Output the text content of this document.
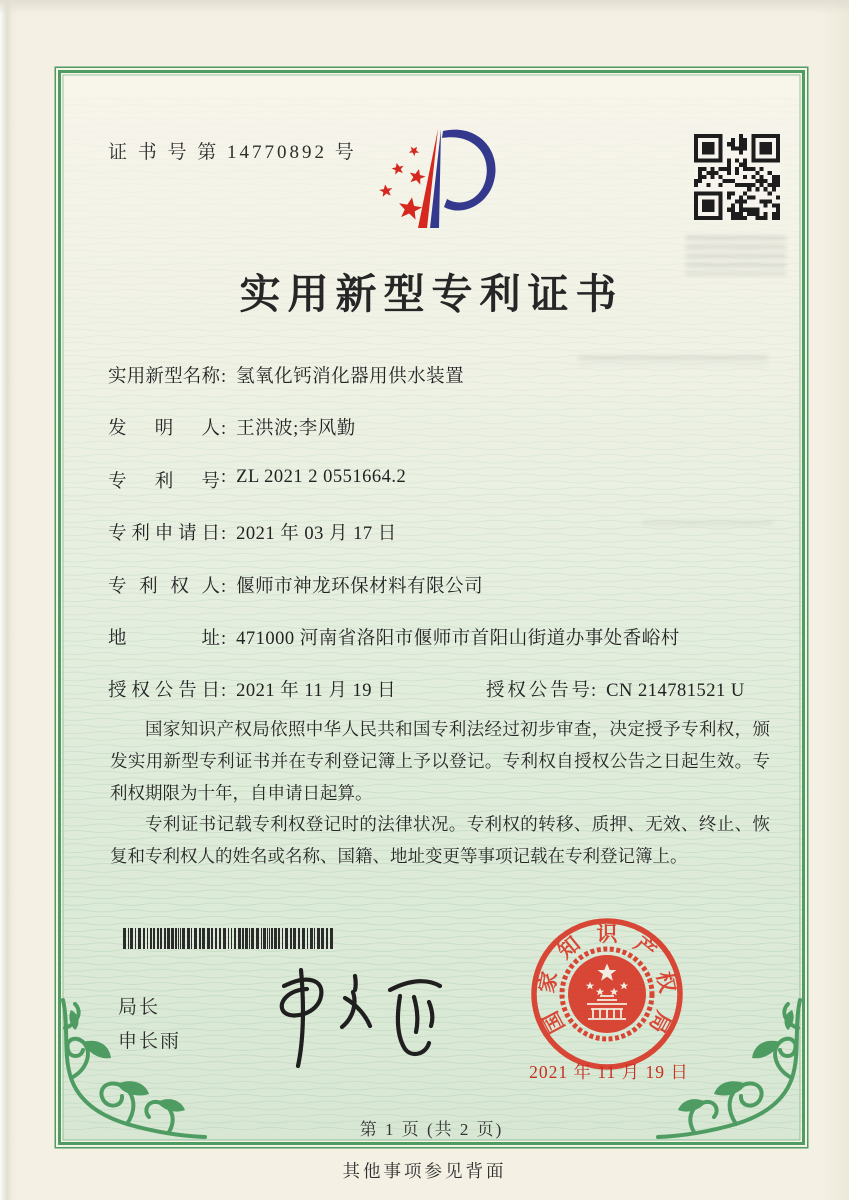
证 书 号 第 14770892 号
实用新型专利证书
实用新型名称: 氢氧化钙消化器用供水装置
发明人: 王洪波;李风勤
专利号: ZL 2021 2 0551664.2
专利申请日: 2021 年 03 月 17 日
专利权人: 偃师市神龙环保材料有限公司
地址: 471000 河南省洛阳市偃师市首阳山街道办事处香峪村
授权公告日: 2021 年 11 月 19 日	授权公告号: CN 214781521 U

国家知识产权局依照中华人民共和国专利法经过初步审查，决定授予专利权，颁发实用新型专利证书并在专利登记簿上予以登记。专利权自授权公告之日起生效。专利权期限为十年，自申请日起算。

专利证书记载专利权登记时的法律状况。专利权的转移、质押、无效、终止、恢复和专利权人的姓名或名称、国籍、地址变更等事项记载在专利登记簿上。

局长
申长雨
国
家
知 识 产
权
局
2021 年 11 月 19 日
第 1 页 (共 2 页)
其他事项参见背面
